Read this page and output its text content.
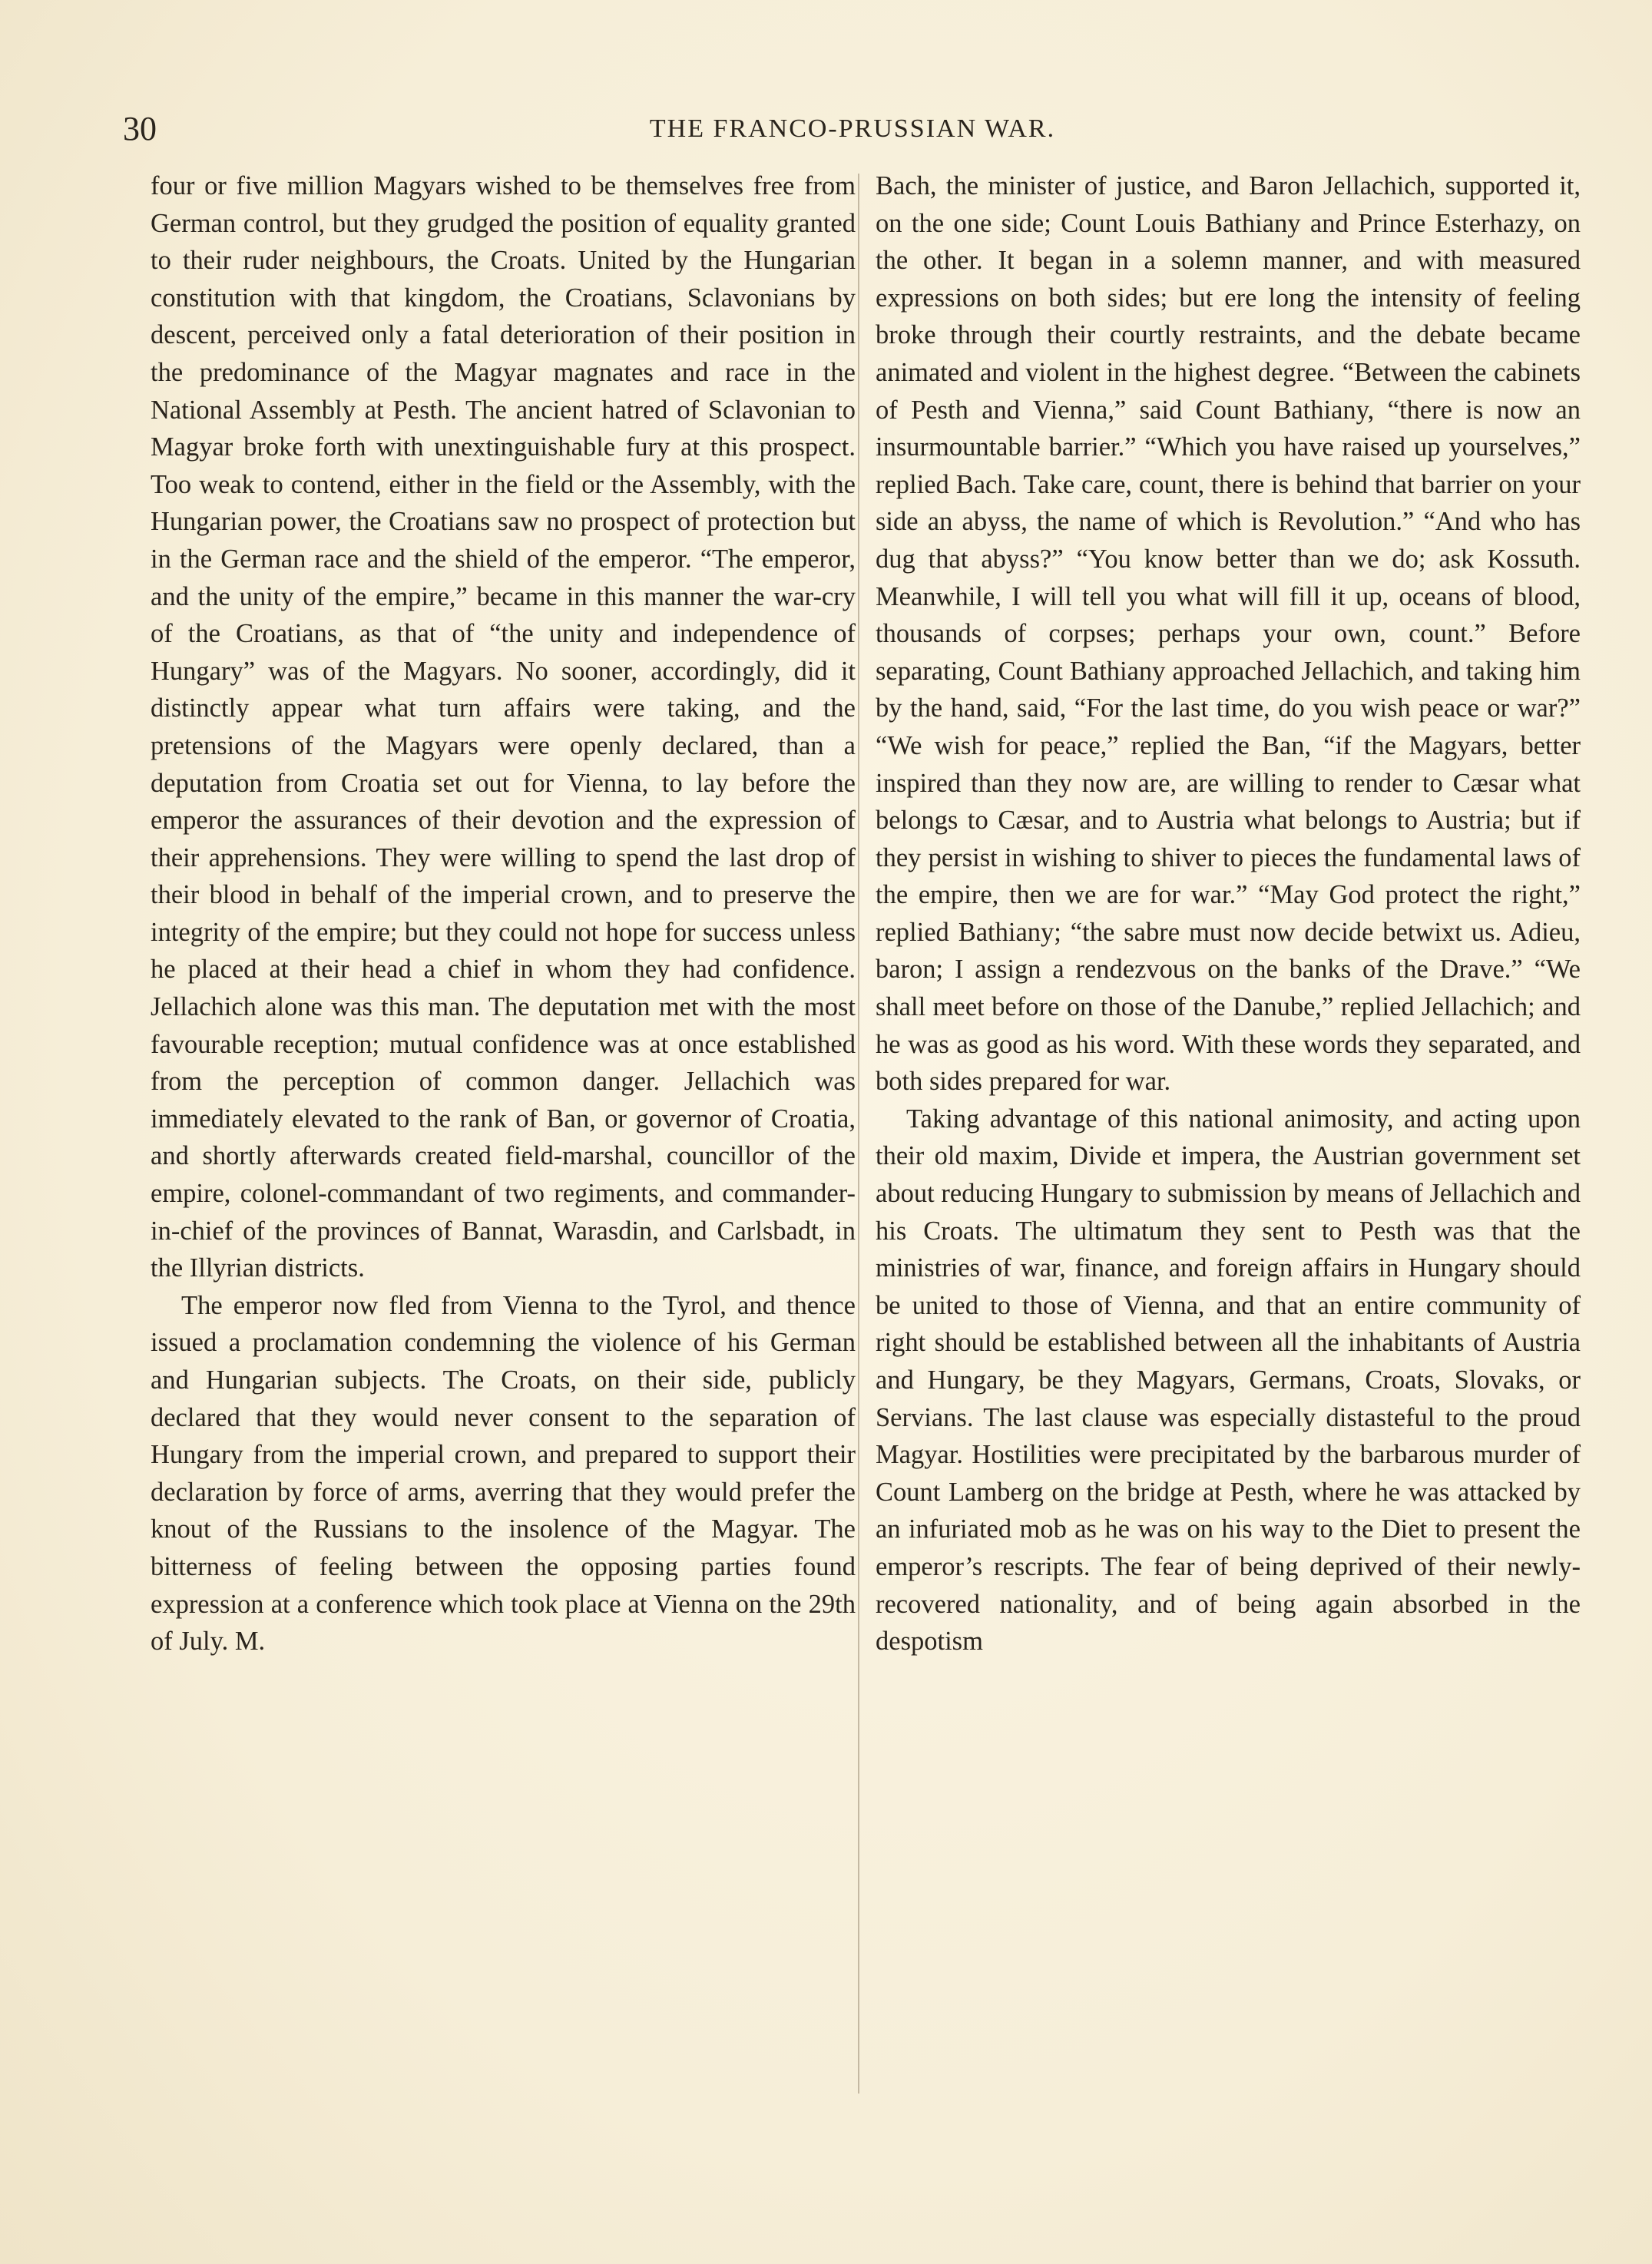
30	THE FRANCO-PRUSSIAN WAR.

four or five million Magyars wished to be themselves free from German control, but they grudged the position of equality granted to their ruder neighbours, the Croats. United by the Hungarian constitution with that kingdom, the Croatians, Sclavonians by descent, perceived only a fatal deterioration of their position in the predominance of the Magyar magnates and race in the National Assembly at Pesth. The ancient hatred of Sclavonian to Magyar broke forth with unextinguishable fury at this prospect. Too weak to contend, either in the field or the Assembly, with the Hungarian power, the Croatians saw no prospect of protection but in the German race and the shield of the emperor. “The emperor, and the unity of the empire,” became in this manner the war-cry of the Croatians, as that of “the unity and independence of Hungary” was of the Magyars. No sooner, accordingly, did it distinctly appear what turn affairs were taking, and the pretensions of the Magyars were openly declared, than a deputation from Croatia set out for Vienna, to lay before the emperor the assurances of their devotion and the expression of their apprehensions. They were willing to spend the last drop of their blood in behalf of the imperial crown, and to preserve the integrity of the empire; but they could not hope for success unless he placed at their head a chief in whom they had confidence. Jellachich alone was this man. The deputation met with the most favourable reception; mutual confidence was at once established from the perception of common danger. Jellachich was immediately elevated to the rank of Ban, or governor of Croatia, and shortly afterwards created field-marshal, councillor of the empire, colonel-commandant of two regiments, and commander-in-chief of the provinces of Bannat, Warasdin, and Carlsbadt, in the Illyrian districts.

The emperor now fled from Vienna to the Tyrol, and thence issued a proclamation condemning the violence of his German and Hungarian subjects. The Croats, on their side, publicly declared that they would never consent to the separation of Hungary from the imperial crown, and prepared to support their declaration by force of arms, averring that they would prefer the knout of the Russians to the insolence of the Magyar. The bitterness of feeling between the opposing parties found expression at a conference which took place at Vienna on the 29th of July. M.

Bach, the minister of justice, and Baron Jellachich, supported it, on the one side; Count Louis Bathiany and Prince Esterhazy, on the other. It began in a solemn manner, and with measured expressions on both sides; but ere long the intensity of feeling broke through their courtly restraints, and the debate became animated and violent in the highest degree. “Between the cabinets of Pesth and Vienna,” said Count Bathiany, “there is now an insurmountable barrier.” “Which you have raised up yourselves,” replied Bach. Take care, count, there is behind that barrier on your side an abyss, the name of which is Revolution.” “And who has dug that abyss?” “You know better than we do; ask Kossuth. Meanwhile, I will tell you what will fill it up, oceans of blood, thousands of corpses; perhaps your own, count.” Before separating, Count Bathiany approached Jellachich, and taking him by the hand, said, “For the last time, do you wish peace or war?” “We wish for peace,” replied the Ban, “if the Magyars, better inspired than they now are, are willing to render to Cæsar what belongs to Cæsar, and to Austria what belongs to Austria; but if they persist in wishing to shiver to pieces the fundamental laws of the empire, then we are for war.” “May God protect the right,” replied Bathiany; “the sabre must now decide betwixt us. Adieu, baron; I assign a rendezvous on the banks of the Drave.” “We shall meet before on those of the Danube,” replied Jellachich; and he was as good as his word. With these words they separated, and both sides prepared for war.

Taking advantage of this national animosity, and acting upon their old maxim, Divide et impera, the Austrian government set about reducing Hungary to submission by means of Jellachich and his Croats. The ultimatum they sent to Pesth was that the ministries of war, finance, and foreign affairs in Hungary should be united to those of Vienna, and that an entire community of right should be established between all the inhabitants of Austria and Hungary, be they Magyars, Germans, Croats, Slovaks, or Servians. The last clause was especially distasteful to the proud Magyar. Hostilities were precipitated by the barbarous murder of Count Lamberg on the bridge at Pesth, where he was attacked by an infuriated mob as he was on his way to the Diet to present the emperor’s rescripts. The fear of being deprived of their newly-recovered nationality, and of being again absorbed in the despotism
